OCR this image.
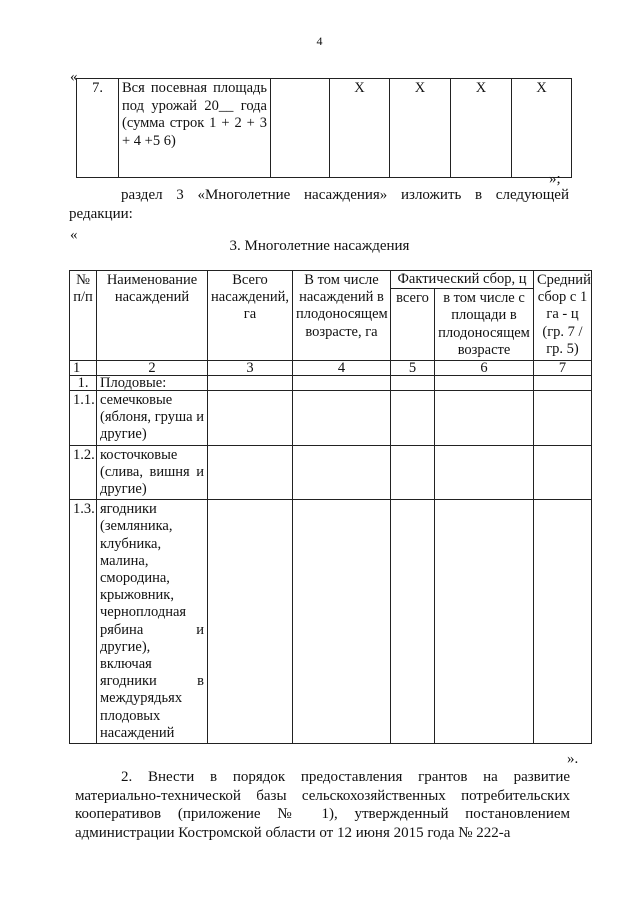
4
«
7.	Вся посевная площадь под урожай 20__ года (сумма строк 1 + 2 + 3 + 4 +5 6)		Х	Х	Х	Х
»;
раздел 3 «Многолетние насаждения» изложить в следующей редакции:
«
3. Многолетние насаждения
№ п/п	Наименование насаждений	Всего насаждений, га	В том числе насаждений в плодоносящем возрасте, га	Фактический сбор, ц		Средний сбор с 1 га - ц (гр. 7 / гр. 5)
				всего	в том числе с площади в плодоносящем возрасте	
1	2	3	4	5	6	7
1.	Плодовые:					
1.1.	семечковые (яблоня, груша и другие)					
1.2.	косточковые (слива, вишня и другие)					
1.3.	ягодники (земляника, клубника, малина, смородина, крыжовник, черноплодная рябина и другие), включая ягодники в междурядьях плодовых насаждений					
».
2. Внести в порядок предоставления грантов на развитие материально-технической базы сельскохозяйственных потребительских кооперативов (приложение № 1), утвержденный постановлением администрации Костромской области от 12 июня 2015 года № 222-а
